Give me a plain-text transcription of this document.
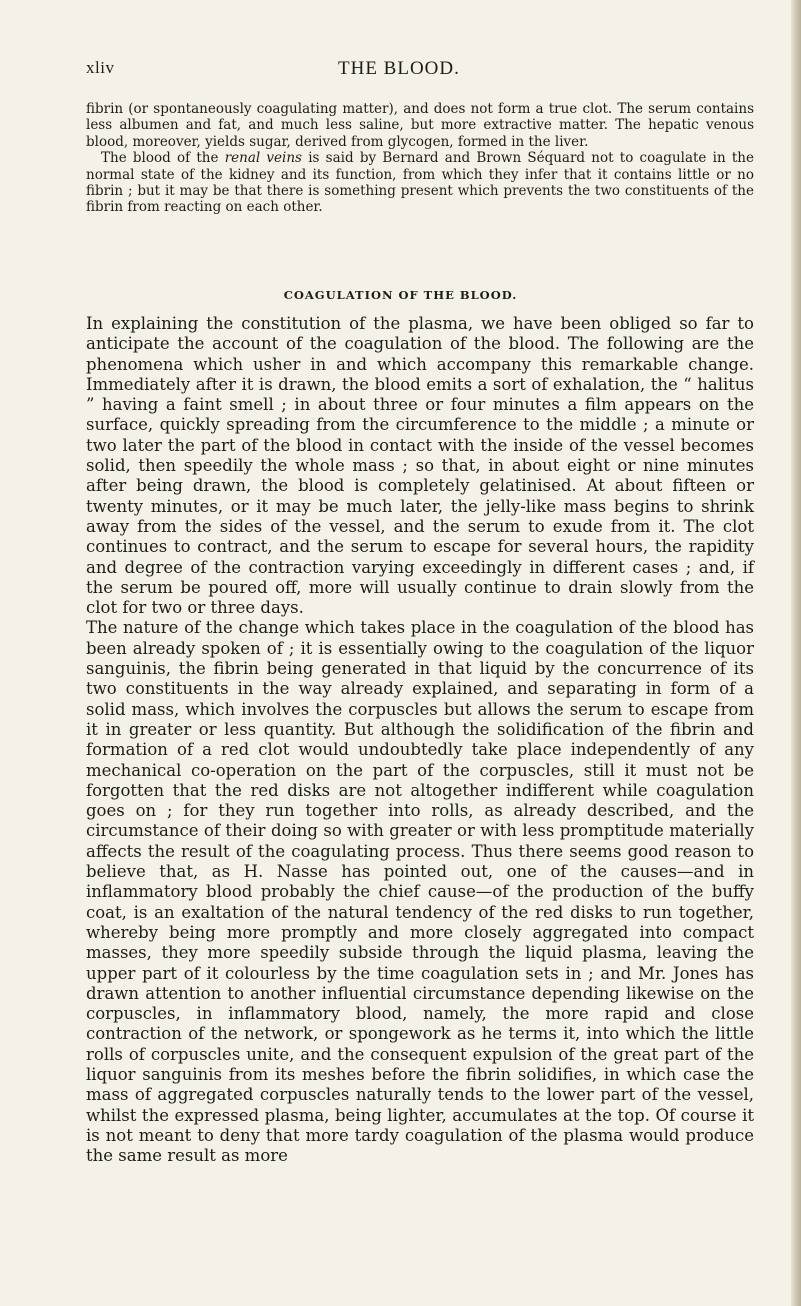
xliv	THE BLOOD.

fibrin (or spontaneously coagulating matter), and does not form a true clot. The serum contains less albumen and fat, and much less saline, but more extractive matter. The hepatic venous blood, moreover, yields sugar, derived from glycogen, formed in the liver.

The blood of the renal veins is said by Bernard and Brown Séquard not to coagulate in the normal state of the kidney and its function, from which they infer that it contains little or no fibrin ; but it may be that there is something present which prevents the two constituents of the fibrin from reacting on each other.

COAGULATION OF THE BLOOD.

In explaining the constitution of the plasma, we have been obliged so far to anticipate the account of the coagulation of the blood. The following are the phenomena which usher in and which accompany this remarkable change. Immediately after it is drawn, the blood emits a sort of exhalation, the “ halitus ” having a faint smell ; in about three or four minutes a film appears on the surface, quickly spreading from the circumference to the middle ; a minute or two later the part of the blood in contact with the inside of the vessel becomes solid, then speedily the whole mass ; so that, in about eight or nine minutes after being drawn, the blood is completely gelatinised. At about fifteen or twenty minutes, or it may be much later, the jelly-like mass begins to shrink away from the sides of the vessel, and the serum to exude from it. The clot continues to contract, and the serum to escape for several hours, the rapidity and degree of the contraction varying exceedingly in different cases ; and, if the serum be poured off, more will usually continue to drain slowly from the clot for two or three days.

The nature of the change which takes place in the coagulation of the blood has been already spoken of ; it is essentially owing to the coagulation of the liquor sanguinis, the fibrin being generated in that liquid by the concurrence of its two constituents in the way already explained, and separating in form of a solid mass, which involves the corpuscles but allows the serum to escape from it in greater or less quantity. But although the solidification of the fibrin and formation of a red clot would undoubtedly take place independently of any mechanical co-operation on the part of the corpuscles, still it must not be forgotten that the red disks are not altogether indifferent while coagulation goes on ; for they run together into rolls, as already described, and the circumstance of their doing so with greater or with less promptitude materially affects the result of the coagulating process. Thus there seems good reason to believe that, as H. Nasse has pointed out, one of the causes—and in inflammatory blood probably the chief cause—of the production of the buffy coat, is an exaltation of the natural tendency of the red disks to run together, whereby being more promptly and more closely aggregated into compact masses, they more speedily subside through the liquid plasma, leaving the upper part of it colourless by the time coagulation sets in ; and Mr. Jones has drawn attention to another influential circumstance depending likewise on the corpuscles, in inflammatory blood, namely, the more rapid and close contraction of the network, or spongework as he terms it, into which the little rolls of corpuscles unite, and the consequent expulsion of the great part of the liquor sanguinis from its meshes before the fibrin solidifies, in which case the mass of aggregated corpuscles naturally tends to the lower part of the vessel, whilst the expressed plasma, being lighter, accumulates at the top. Of course it is not meant to deny that more tardy coagulation of the plasma would produce the same result as more
